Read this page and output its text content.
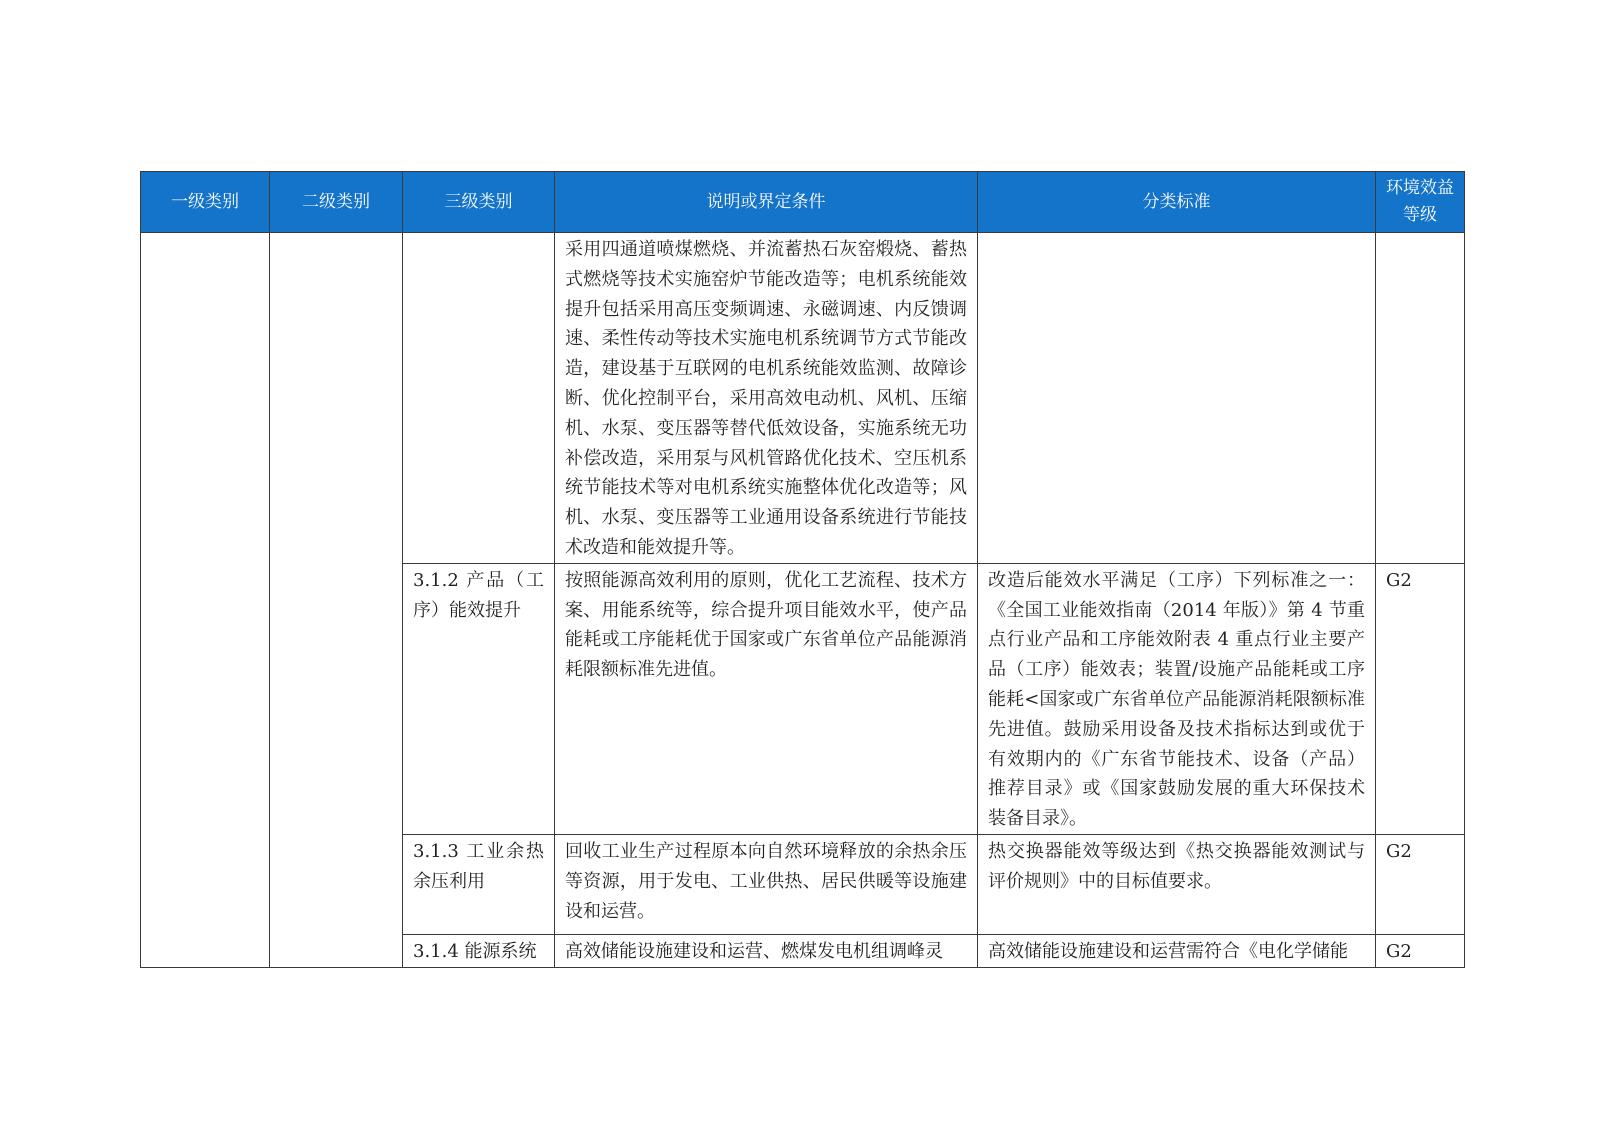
一级类别	二级类别	三级类别	说明或界定条件	分类标准	环境效益等级
			采用四通道喷煤燃烧、并流蓄热石灰窑煅烧、蓄热式燃烧等技术实施窑炉节能改造等；电机系统能效提升包括采用高压变频调速、永磁调速、内反馈调速、柔性传动等技术实施电机系统调节方式节能改造，建设基于互联网的电机系统能效监测、故障诊断、优化控制平台，采用高效电动机、风机、压缩机、水泵、变压器等替代低效设备，实施系统无功补偿改造，采用泵与风机管路优化技术、空压机系统节能技术等对电机系统实施整体优化改造等；风机、水泵、变压器等工业通用设备系统进行节能技术改造和能效提升等。		
		3.1.2 产品（工序）能效提升	按照能源高效利用的原则，优化工艺流程、技术方案、用能系统等，综合提升项目能效水平，使产品能耗或工序能耗优于国家或广东省单位产品能源消耗限额标准先进值。	改造后能效水平满足（工序）下列标准之一：《全国工业能效指南（2014 年版）》第 4 节重点行业产品和工序能效附表 4 重点行业主要产品（工序）能效表；装置/设施产品能耗或工序能耗<国家或广东省单位产品能源消耗限额标准先进值。鼓励采用设备及技术指标达到或优于有效期内的《广东省节能技术、设备（产品）推荐目录》或《国家鼓励发展的重大环保技术装备目录》。	G2
		3.1.3 工业余热余压利用	回收工业生产过程原本向自然环境释放的余热余压等资源，用于发电、工业供热、居民供暖等设施建设和运营。	热交换器能效等级达到《热交换器能效测试与评价规则》中的目标值要求。	G2
		3.1.4 能源系统	高效储能设施建设和运营、燃煤发电机组调峰灵	高效储能设施建设和运营需符合《电化学储能	G2
